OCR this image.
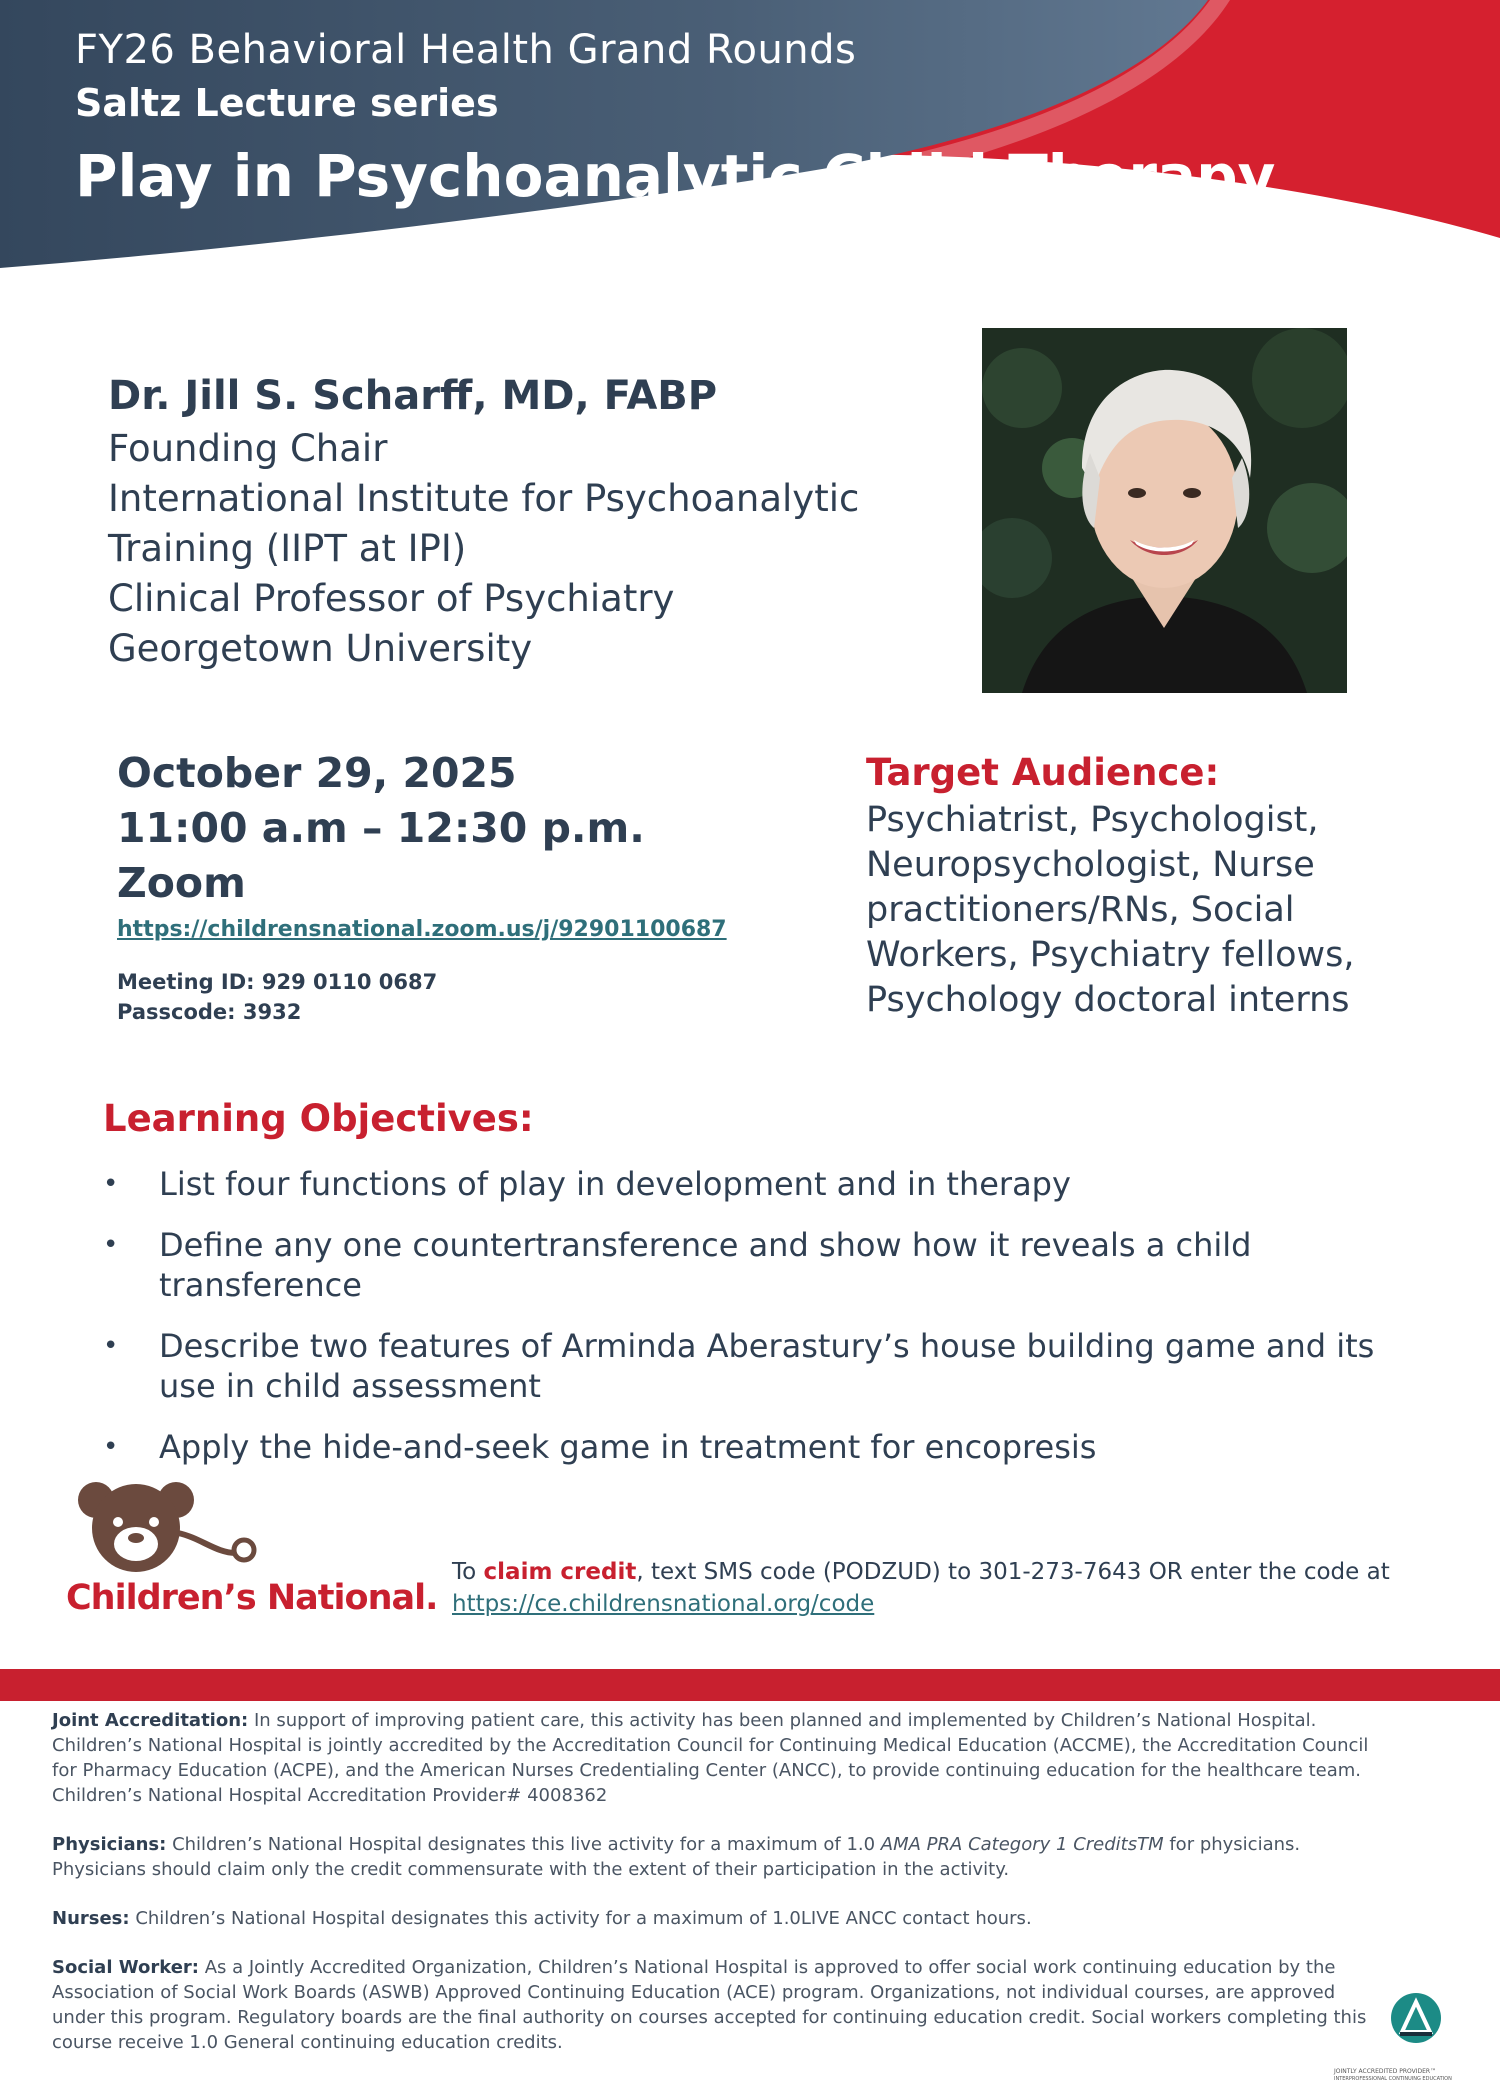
FY26 Behavioral Health Grand Rounds
Saltz Lecture series
Play in Psychoanalytic Child Therapy
Dr. Jill S. Scharff, MD, FABP
Founding Chair
International Institute for Psychoanalytic
Training (IIPT at IPI)
Clinical Professor of Psychiatry
Georgetown University
October 29, 2025
11:00 a.m – 12:30 p.m.
Zoom
https://childrensnational.zoom.us/j/92901100687
Meeting ID: 929 0110 0687
Passcode: 3932
Target Audience:
Psychiatrist, Psychologist, Neuropsychologist, Nurse practitioners/RNs, Social Workers, Psychiatry fellows, Psychology doctoral interns
Learning Objectives:
•	List four functions of play in development and in therapy
•	Define any one countertransference and show how it reveals a child transference
•	Describe two features of Arminda Aberastury’s house building game and its use in child assessment
•	Apply the hide-and-seek game in treatment for encopresis
Children’s National.
To claim credit, text SMS code (PODZUD) to 301-273-7643 OR enter the code at
https://ce.childrensnational.org/code

Joint Accreditation: In support of improving patient care, this activity has been planned and implemented by Children’s National Hospital. Children’s National Hospital is jointly accredited by the Accreditation Council for Continuing Medical Education (ACCME), the Accreditation Council for Pharmacy Education (ACPE), and the American Nurses Credentialing Center (ANCC), to provide continuing education for the healthcare team. Children’s National Hospital Accreditation Provider# 4008362

Physicians: Children’s National Hospital designates this live activity for a maximum of 1.0 AMA PRA Category 1 CreditsTM for physicians. Physicians should claim only the credit commensurate with the extent of their participation in the activity.

Nurses: Children’s National Hospital designates this activity for a maximum of 1.0LIVE ANCC contact hours.

Social Worker: As a Jointly Accredited Organization, Children’s National Hospital is approved to offer social work continuing education by the Association of Social Work Boards (ASWB) Approved Continuing Education (ACE) program. Organizations, not individual courses, are approved under this program. Regulatory boards are the final authority on courses accepted for continuing education credit. Social workers completing this course receive 1.0 General continuing education credits.

JOINTLY ACCREDITED PROVIDER™
INTERPROFESSIONAL CONTINUING EDUCATION
